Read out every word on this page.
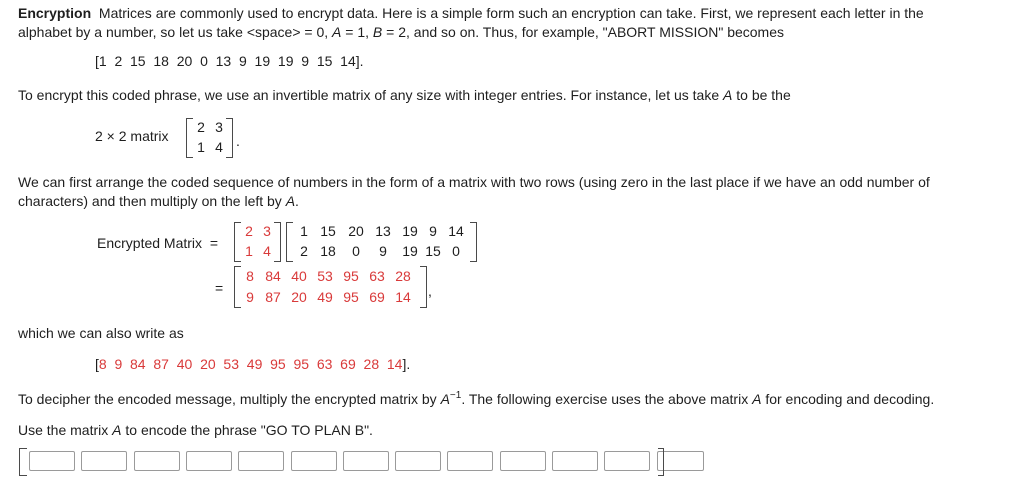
Encryption Matrices are commonly used to encrypt data. Here is a simple form such an encryption can take. First, we represent each letter in the
alphabet by a number, so let us take <space> = 0, A = 1, B = 2, and so on. Thus, for example, "ABORT MISSION" becomes
[1  2  15  18  20  0  13  9  19  19  9  15  14].
To encrypt this coded phrase, we use an invertible matrix of any size with integer entries. For instance, let us take A to be the
2 × 2 matrix
2 3
1 4 .
We can first arrange the coded sequence of numbers in the form of a matrix with two rows (using zero in the last place if we have an odd number of
characters) and then multiply on the left by A.
Encrypted Matrix  =
2 3
1 4
1 15 20 13 19 9 14
2 18	0	9	19 15 0
=
8 84 40 53 95 63 28
9 87 20 49 95 69 14	,
which we can also write as
[8  9  84  87  40  20  53  49  95  95  63  69  28  14].
To decipher the encoded message, multiply the encrypted matrix by $A^{-1}$. The following exercise uses the above matrix A for encoding and decoding.
Use the matrix A to encode the phrase "GO TO PLAN B".
